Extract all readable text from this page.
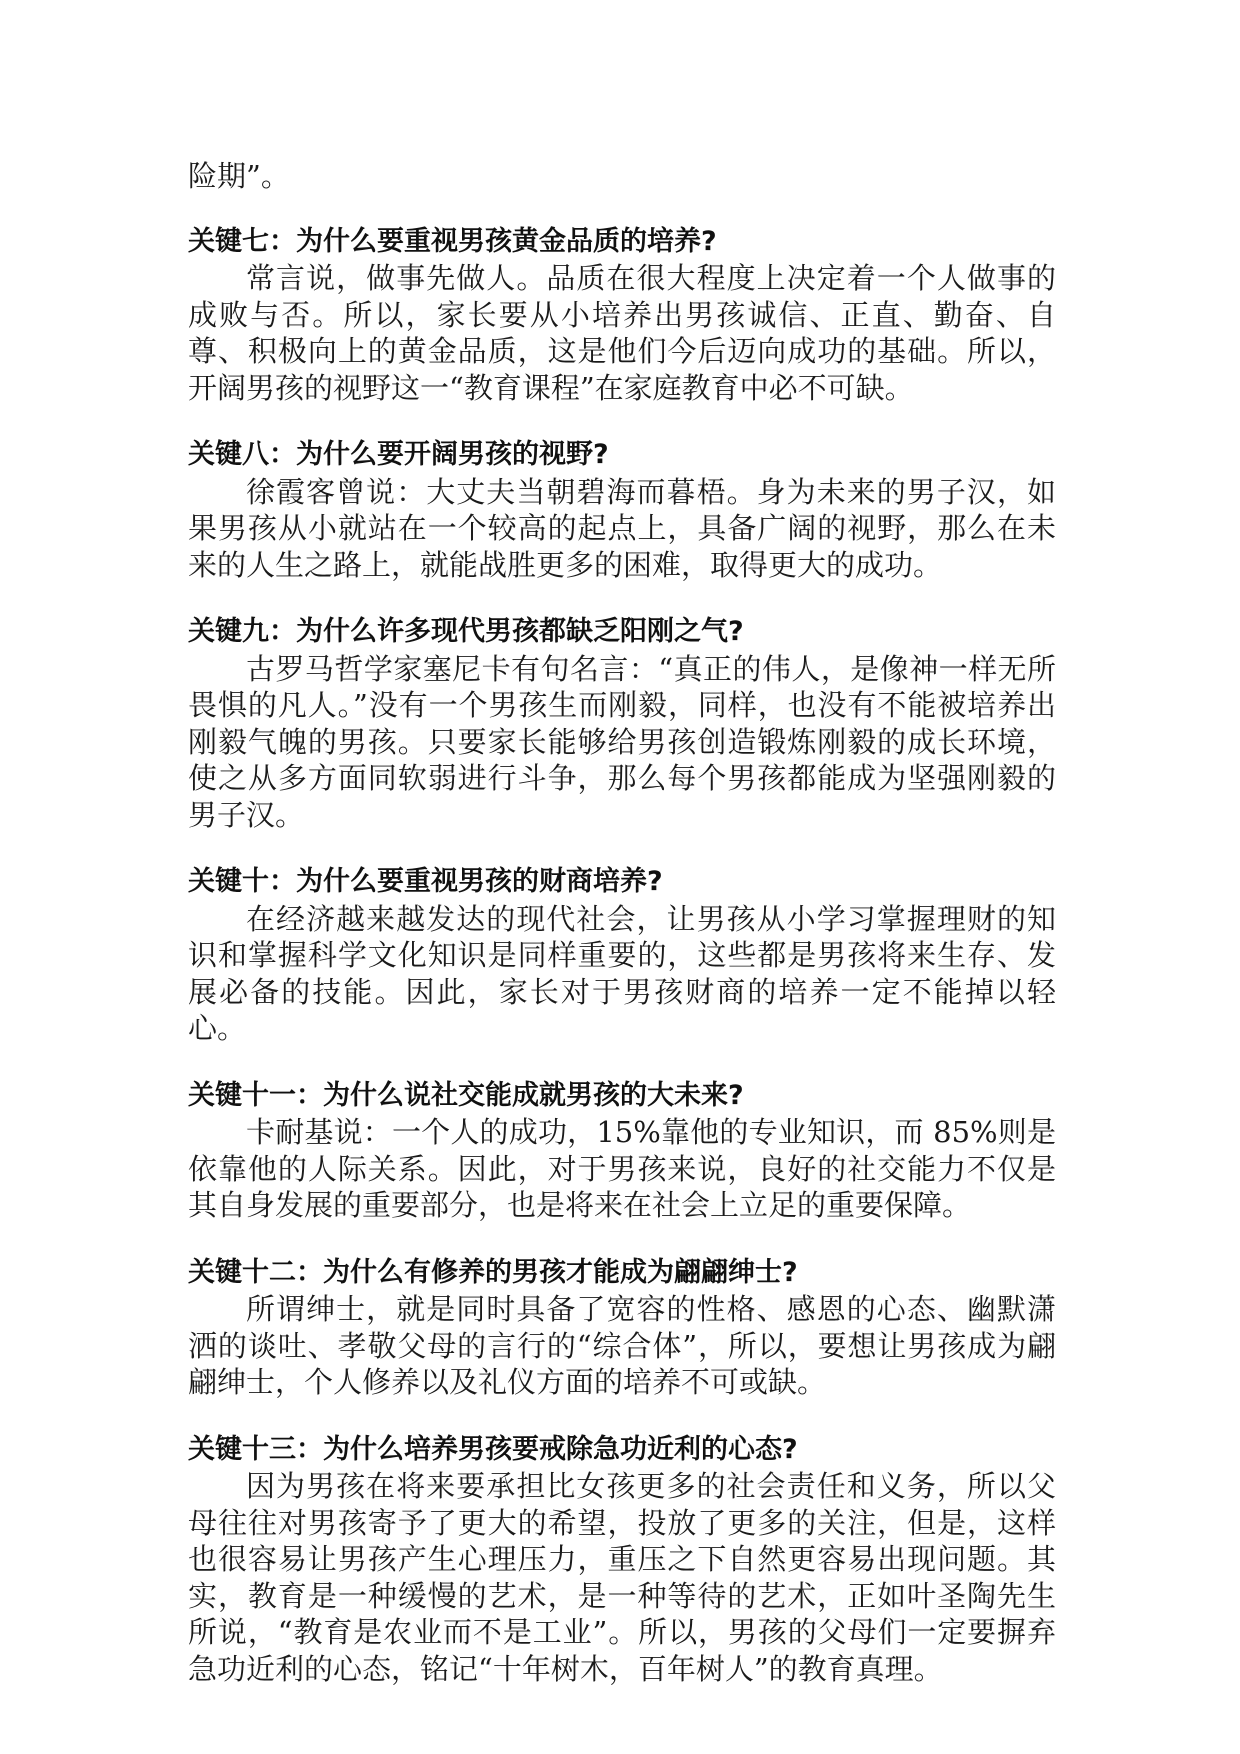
险期”。

关键七：为什么要重视男孩黄金品质的培养?

常言说，做事先做人。品质在很大程度上决定着一个人做事的成败与否。所以，家长要从小培养出男孩诚信、正直、勤奋、自尊、积极向上的黄金品质，这是他们今后迈向成功的基础。所以，开阔男孩的视野这一“教育课程”在家庭教育中必不可缺。

关键八：为什么要开阔男孩的视野?

徐霞客曾说：大丈夫当朝碧海而暮梧。身为未来的男子汉，如果男孩从小就站在一个较高的起点上，具备广阔的视野，那么在未来的人生之路上，就能战胜更多的困难，取得更大的成功。

关键九：为什么许多现代男孩都缺乏阳刚之气?

古罗马哲学家塞尼卡有句名言：“真正的伟人，是像神一样无所畏惧的凡人。”没有一个男孩生而刚毅，同样，也没有不能被培养出刚毅气魄的男孩。只要家长能够给男孩创造锻炼刚毅的成长环境，使之从多方面同软弱进行斗争，那么每个男孩都能成为坚强刚毅的男子汉。

关键十：为什么要重视男孩的财商培养?

在经济越来越发达的现代社会，让男孩从小学习掌握理财的知识和掌握科学文化知识是同样重要的，这些都是男孩将来生存、发展必备的技能。因此，家长对于男孩财商的培养一定不能掉以轻心。

关键十一：为什么说社交能成就男孩的大未来?

卡耐基说：一个人的成功，15%靠他的专业知识，而 85%则是依靠他的人际关系。因此，对于男孩来说，良好的社交能力不仅是其自身发展的重要部分，也是将来在社会上立足的重要保障。

关键十二：为什么有修养的男孩才能成为翩翩绅士?

所谓绅士，就是同时具备了宽容的性格、感恩的心态、幽默潇洒的谈吐、孝敬父母的言行的“综合体”，所以，要想让男孩成为翩翩绅士，个人修养以及礼仪方面的培养不可或缺。

关键十三：为什么培养男孩要戒除急功近利的心态?

因为男孩在将来要承担比女孩更多的社会责任和义务，所以父母往往对男孩寄予了更大的希望，投放了更多的关注，但是，这样也很容易让男孩产生心理压力，重压之下自然更容易出现问题。其实，教育是一种缓慢的艺术，是一种等待的艺术，正如叶圣陶先生所说，“教育是农业而不是工业”。所以，男孩的父母们一定要摒弃急功近利的心态，铭记“十年树木，百年树人”的教育真理。
